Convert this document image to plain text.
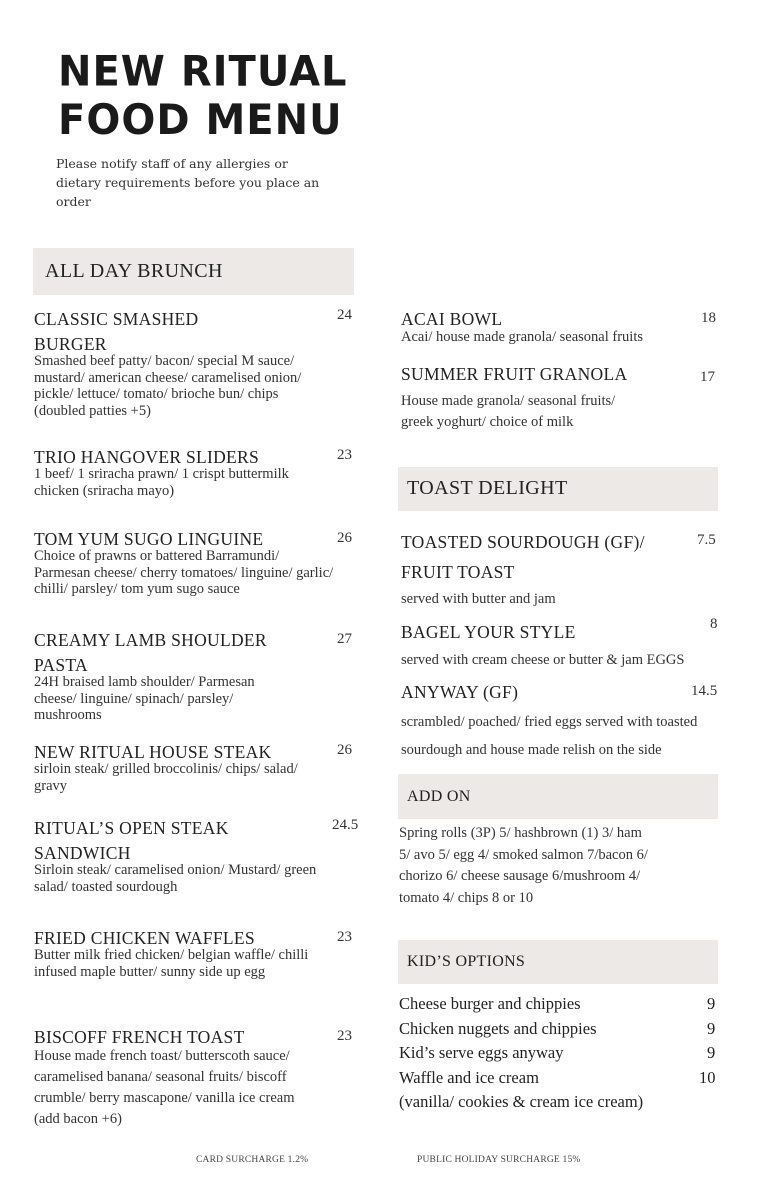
NEW RITUAL
FOOD MENU
Please notify staff of any allergies or dietary requirements before you place an order
ALL DAY BRUNCH
CLASSIC SMASHED
BURGER
Smashed beef patty/ bacon/ special M sauce/ mustard/ american cheese/ caramelised onion/ pickle/ lettuce/ tomato/ brioche bun/ chips (doubled patties +5)
24
TRIO HANGOVER SLIDERS
1 beef/ 1 sriracha prawn/ 1 crispt buttermilk chicken (sriracha mayo)
23
TOM YUM SUGO LINGUINE
Choice of prawns or battered Barramundi/ Parmesan cheese/ cherry tomatoes/ linguine/ garlic/ chilli/ parsley/ tom yum sugo sauce
26
CREAMY LAMB SHOULDER
PASTA
24H braised lamb shoulder/ Parmesan cheese/ linguine/ spinach/ parsley/ mushrooms
27
NEW RITUAL HOUSE STEAK
sirloin steak/ grilled broccolinis/ chips/ salad/ gravy
26
RITUAL’S OPEN STEAK
SANDWICH
Sirloin steak/ caramelised onion/ Mustard/ green salad/ toasted sourdough
24.5
FRIED CHICKEN WAFFLES
Butter milk fried chicken/ belgian waffle/ chilli infused maple butter/ sunny side up egg
23
BISCOFF FRENCH TOAST
House made french toast/ butterscoth sauce/ caramelised banana/ seasonal fruits/ biscoff crumble/ berry mascapone/ vanilla ice cream (add bacon +6)
23
ACAI BOWL
Acai/ house made granola/ seasonal fruits
18
SUMMER FRUIT GRANOLA
House made granola/ seasonal fruits/ greek yoghurt/ choice of milk
17
TOAST DELIGHT
TOASTED SOURDOUGH (GF)/
FRUIT TOAST
served with butter and jam
7.5
BAGEL YOUR STYLE
served with cream cheese or butter & jam EGGS
8
ANYWAY (GF)
scrambled/ poached/ fried eggs served with toasted sourdough and house made relish on the side
14.5
ADD ON
Spring rolls (3P) 5/ hashbrown (1) 3/ ham 5/ avo 5/ egg 4/ smoked salmon 7/bacon 6/ chorizo 6/ cheese sausage 6/mushroom 4/ tomato 4/ chips 8 or 10
KID’S OPTIONS
Cheese burger and chippies	9
Chicken nuggets and chippies	9
Kid’s serve eggs anyway	9
Waffle and ice cream	10
(vanilla/ cookies & cream ice cream)
CARD SURCHARGE 1.2%	PUBLIC HOLIDAY SURCHARGE 15%
